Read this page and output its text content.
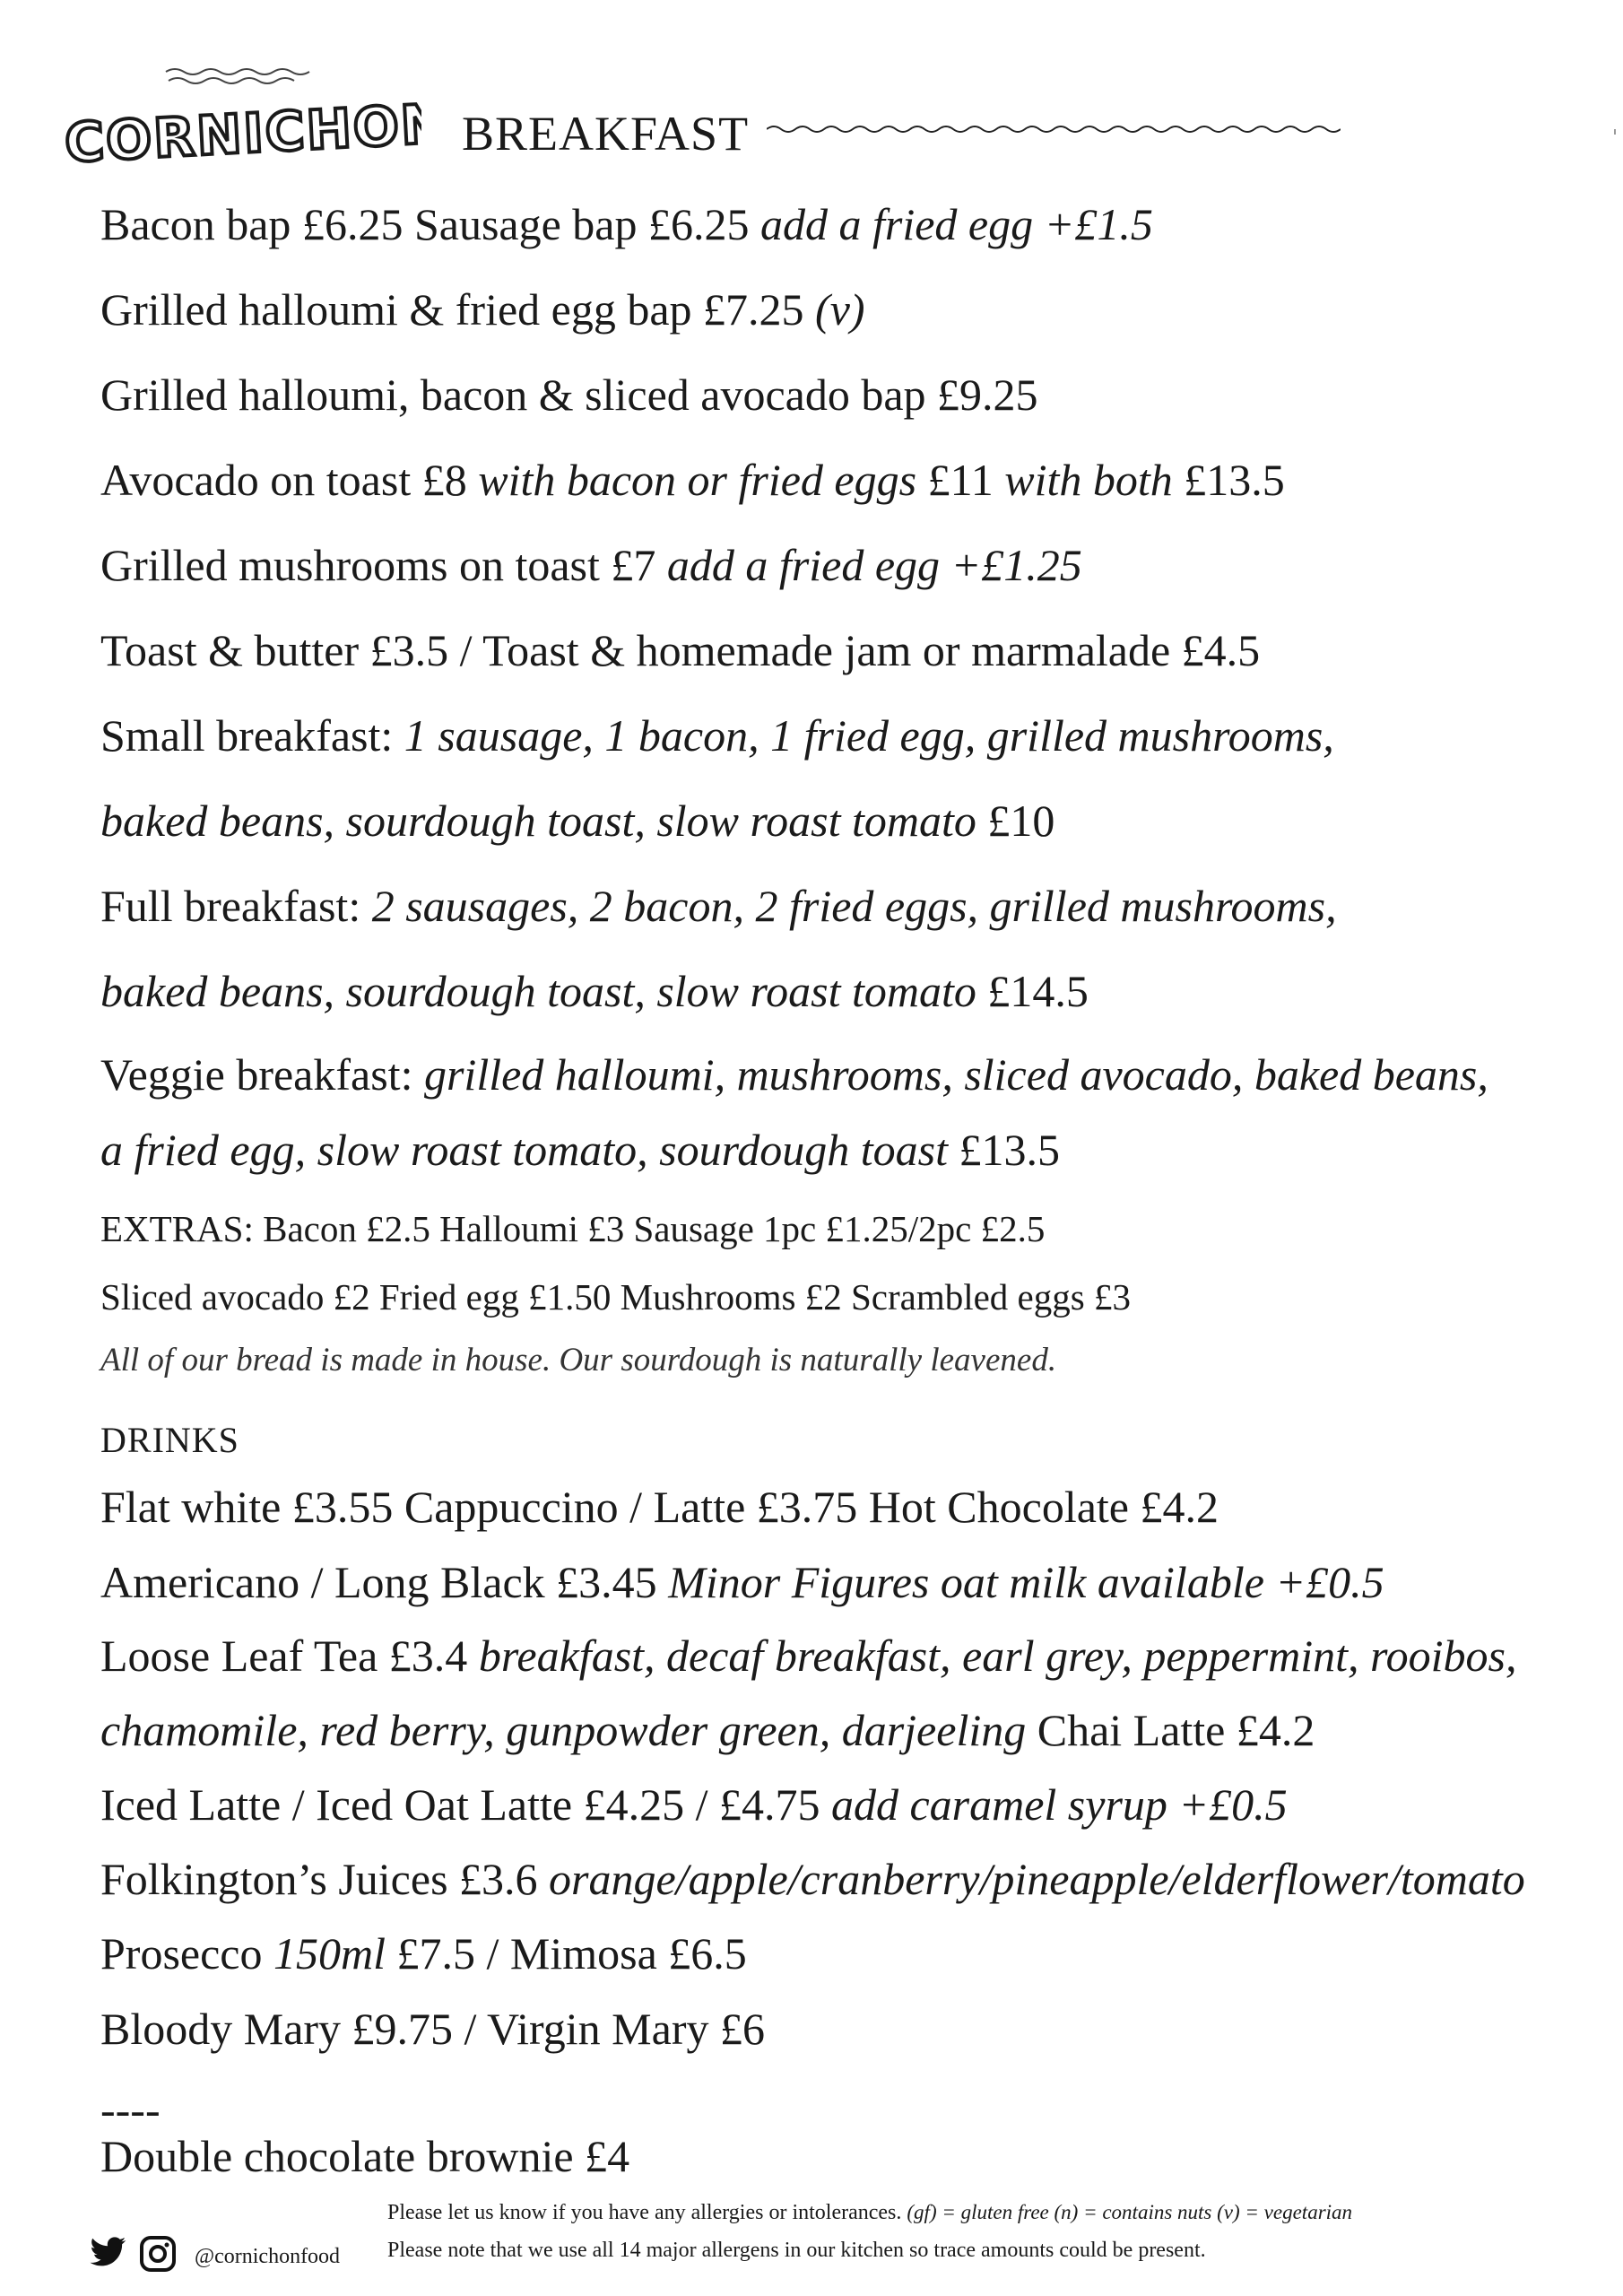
CORNICHON BREAKFAST
Bacon bap £6.25 Sausage bap £6.25 add a fried egg +£1.5
Grilled halloumi & fried egg bap £7.25 (v)
Grilled halloumi, bacon & sliced avocado bap £9.25
Avocado on toast £8 with bacon or fried eggs £11 with both £13.5
Grilled mushrooms on toast £7 add a fried egg +£1.25
Toast & butter £3.5 / Toast & homemade jam or marmalade £4.5
Small breakfast: 1 sausage, 1 bacon, 1 fried egg, grilled mushrooms,
baked beans, sourdough toast, slow roast tomato £10
Full breakfast: 2 sausages, 2 bacon, 2 fried eggs, grilled mushrooms,
baked beans, sourdough toast, slow roast tomato £14.5
Veggie breakfast: grilled halloumi, mushrooms, sliced avocado, baked beans,
a fried egg, slow roast tomato, sourdough toast £13.5
EXTRAS: Bacon £2.5 Halloumi £3 Sausage 1pc £1.25/2pc £2.5
Sliced avocado £2 Fried egg £1.50 Mushrooms £2 Scrambled eggs £3
All of our bread is made in house. Our sourdough is naturally leavened.
DRINKS
Flat white £3.55 Cappuccino / Latte £3.75 Hot Chocolate £4.2
Americano / Long Black £3.45 Minor Figures oat milk available +£0.5
Loose Leaf Tea £3.4 breakfast, decaf breakfast, earl grey, peppermint, rooibos,
chamomile, red berry, gunpowder green, darjeeling Chai Latte £4.2
Iced Latte / Iced Oat Latte £4.25 / £4.75 add caramel syrup +£0.5
Folkington’s Juices £3.6 orange/apple/cranberry/pineapple/elderflower/tomato
Prosecco 150ml £7.5 / Mimosa £6.5
Bloody Mary £9.75 / Virgin Mary £6
----
Double chocolate brownie £4
@cornichonfood
Please let us know if you have any allergies or intolerances. (gf) = gluten free (n) = contains nuts (v) = vegetarian
Please note that we use all 14 major allergens in our kitchen so trace amounts could be present.
